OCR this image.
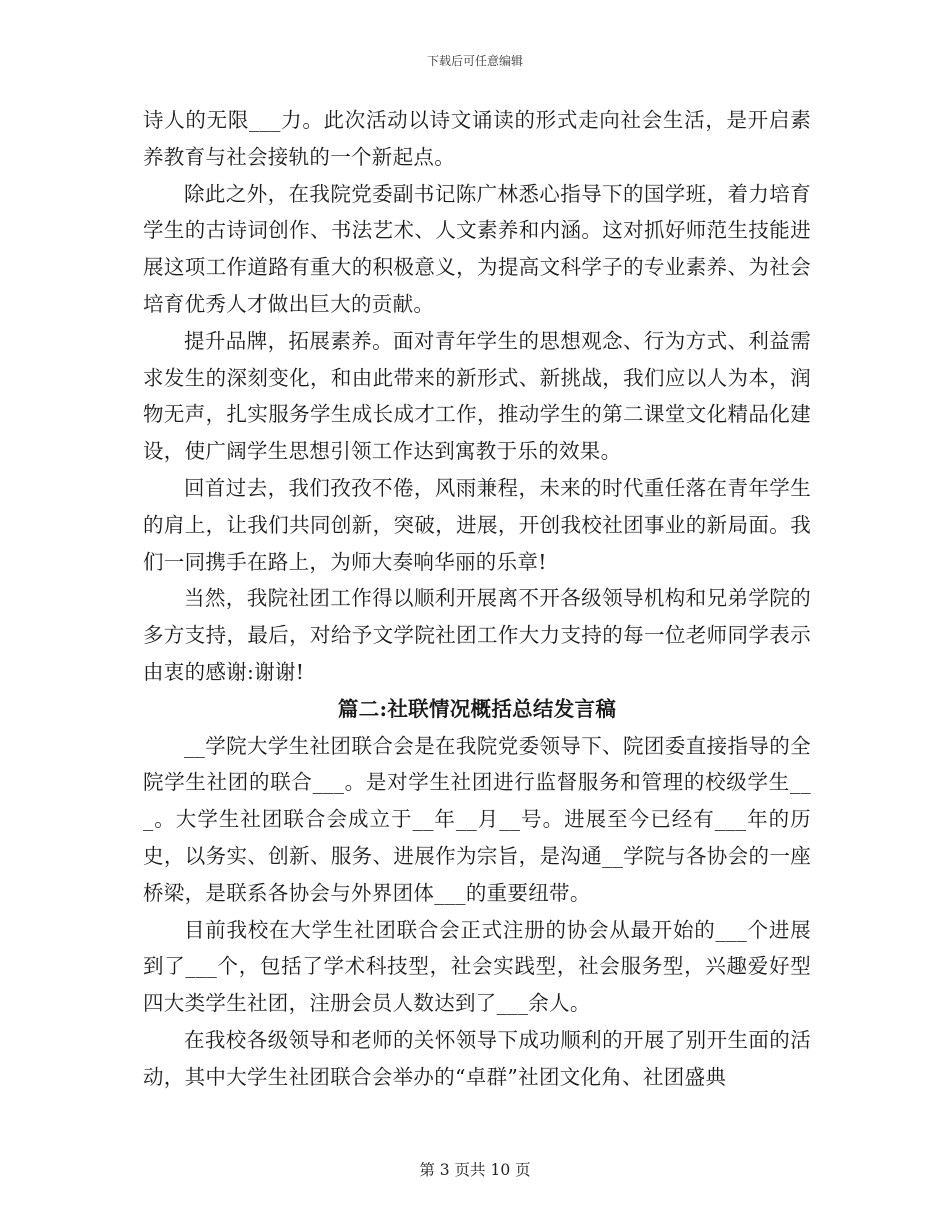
下载后可任意编辑

诗人的无限___力。此次活动以诗文诵读的形式走向社会生活，是开启素养教育与社会接轨的一个新起点。

除此之外，在我院党委副书记陈广林悉心指导下的国学班，着力培育学生的古诗词创作、书法艺术、人文素养和内涵。这对抓好师范生技能进展这项工作道路有重大的积极意义，为提高文科学子的专业素养、为社会培育优秀人才做出巨大的贡献。

提升品牌，拓展素养。面对青年学生的思想观念、行为方式、利益需求发生的深刻变化，和由此带来的新形式、新挑战，我们应以人为本，润物无声，扎实服务学生成长成才工作，推动学生的第二课堂文化精品化建设，使广阔学生思想引领工作达到寓教于乐的效果。

回首过去，我们孜孜不倦，风雨兼程，未来的时代重任落在青年学生的肩上，让我们共同创新，突破，进展，开创我校社团事业的新局面。我们一同携手在路上，为师大奏响华丽的乐章!

当然，我院社团工作得以顺利开展离不开各级领导机构和兄弟学院的多方支持，最后，对给予文学院社团工作大力支持的每一位老师同学表示由衷的感谢:谢谢!

篇二:社联情况概括总结发言稿

__学院大学生社团联合会是在我院党委领导下、院团委直接指导的全院学生社团的联合___。是对学生社团进行监督服务和管理的校级学生___。大学生社团联合会成立于__年__月__号。进展至今已经有___年的历史，以务实、创新、服务、进展作为宗旨，是沟通__学院与各协会的一座桥梁，是联系各协会与外界团体___的重要纽带。

目前我校在大学生社团联合会正式注册的协会从最开始的___个进展到了___个，包括了学术科技型，社会实践型，社会服务型，兴趣爱好型四大类学生社团，注册会员人数达到了___余人。

在我校各级领导和老师的关怀领导下成功顺利的开展了别开生面的活动，其中大学生社团联合会举办的“卓群”社团文化角、社团盛典

第 3 页共 10 页
